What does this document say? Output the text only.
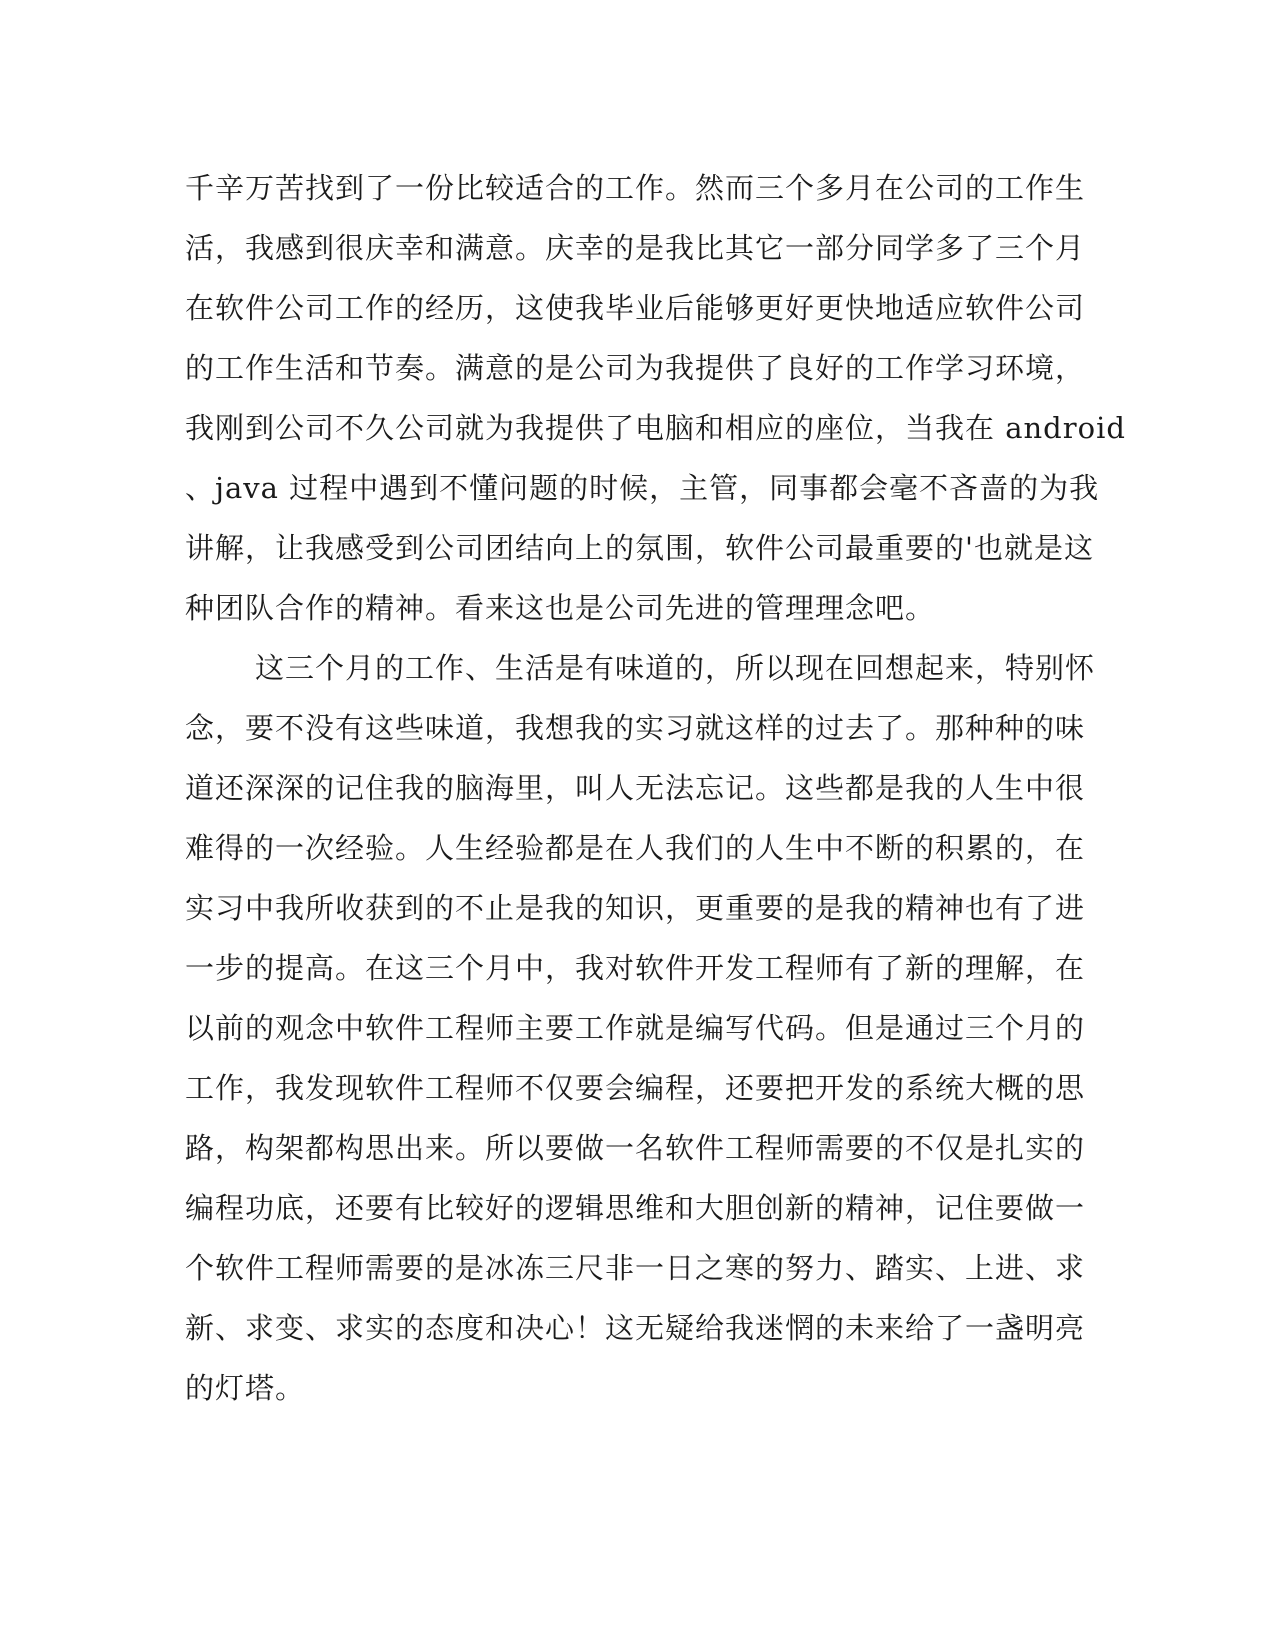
千辛万苦找到了一份比较适合的工作。然而三个多月在公司的工作生
活，我感到很庆幸和满意。庆幸的是我比其它一部分同学多了三个月
在软件公司工作的经历，这使我毕业后能够更好更快地适应软件公司
的工作生活和节奏。满意的是公司为我提供了良好的工作学习环境，
我刚到公司不久公司就为我提供了电脑和相应的座位，当我在 android
、java 过程中遇到不懂问题的时候，主管，同事都会毫不吝啬的为我
讲解，让我感受到公司团结向上的氛围，软件公司最重要的'也就是这
种团队合作的精神。看来这也是公司先进的管理理念吧。
这三个月的工作、生活是有味道的，所以现在回想起来，特别怀
念，要不没有这些味道，我想我的实习就这样的过去了。那种种的味
道还深深的记住我的脑海里，叫人无法忘记。这些都是我的人生中很
难得的一次经验。人生经验都是在人我们的人生中不断的积累的，在
实习中我所收获到的不止是我的知识，更重要的是我的精神也有了进
一步的提高。在这三个月中，我对软件开发工程师有了新的理解，在
以前的观念中软件工程师主要工作就是编写代码。但是通过三个月的
工作，我发现软件工程师不仅要会编程，还要把开发的系统大概的思
路，构架都构思出来。所以要做一名软件工程师需要的不仅是扎实的
编程功底，还要有比较好的逻辑思维和大胆创新的精神，记住要做一
个软件工程师需要的是冰冻三尺非一日之寒的努力、踏实、上进、求
新、求变、求实的态度和决心！这无疑给我迷惘的未来给了一盏明亮
的灯塔。
